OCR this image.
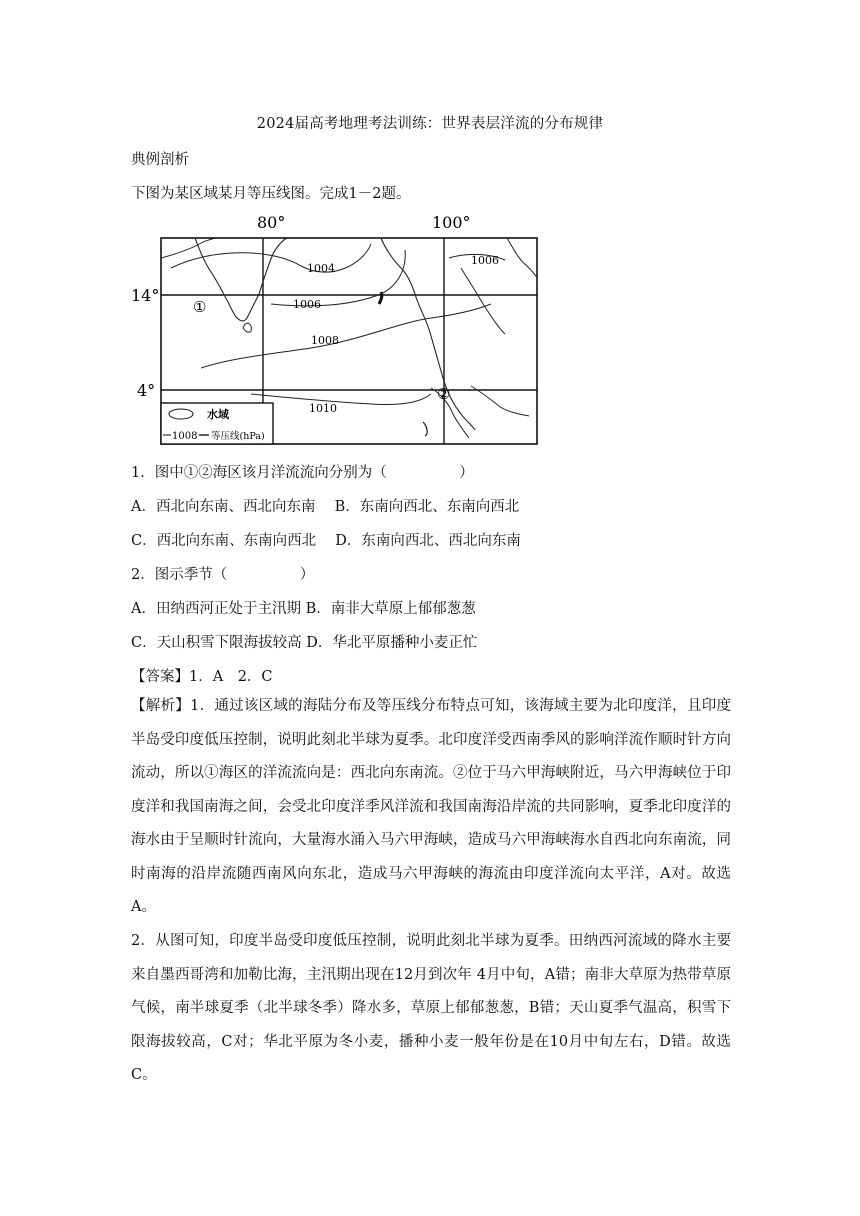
2024届高考地理考法训练：世界表层洋流的分布规律
典例剖析
下图为某区域某月等压线图。完成1－2题。
80°	100°
14°
4°
1004
1006
1008
1010
1006
①
②
水域
1008 等压线(hPa)
1．图中①②海区该月洋流流向分别为（　　　　　）
A．西北向东南、西北向东南　 B．东南向西北、东南向西北
C．西北向东南、东南向西北　 D．东南向西北、西北向东南
2．图示季节（　　　　　）
A．田纳西河正处于主汛期 B．南非大草原上郁郁葱葱
C．天山积雪下限海拔较高 D．华北平原播种小麦正忙
【答案】1．A　2．C
【解析】1．通过该区域的海陆分布及等压线分布特点可知，该海域主要为北印度洋，且印度半岛受印度低压控制，说明此刻北半球为夏季。北印度洋受西南季风的影响洋流作顺时针方向流动，所以①海区的洋流流向是：西北向东南流。②位于马六甲海峡附近，马六甲海峡位于印度洋和我国南海之间，会受北印度洋季风洋流和我国南海沿岸流的共同影响，夏季北印度洋的海水由于呈顺时针流向，大量海水涌入马六甲海峡，造成马六甲海峡海水自西北向东南流，同时南海的沿岸流随西南风向东北，造成马六甲海峡的海流由印度洋流向太平洋，A对。故选A。
2．从图可知，印度半岛受印度低压控制，说明此刻北半球为夏季。田纳西河流域的降水主要来自墨西哥湾和加勒比海，主汛期出现在12月到次年 4月中旬，A错；南非大草原为热带草原气候，南半球夏季（北半球冬季）降水多，草原上郁郁葱葱，B错；天山夏季气温高，积雪下限海拔较高，C对；华北平原为冬小麦，播种小麦一般年份是在10月中旬左右，D错。故选C。
